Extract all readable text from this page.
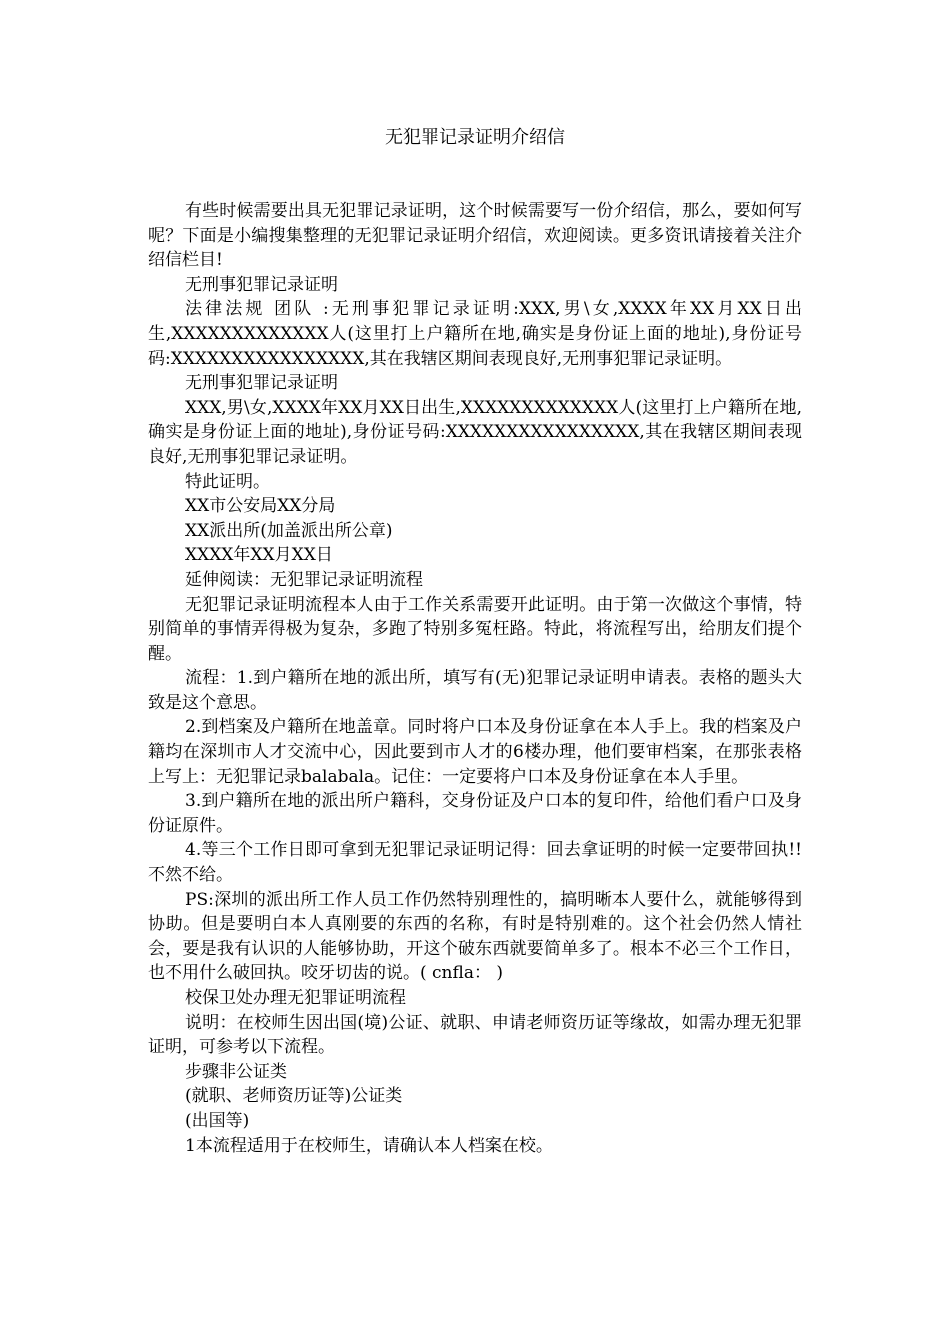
无犯罪记录证明介绍信

有些时候需要出具无犯罪记录证明，这个时候需要写一份介绍信，那么，要如何写呢？下面是小编搜集整理的无犯罪记录证明介绍信，欢迎阅读。更多资讯请接着关注介绍信栏目!

无刑事犯罪记录证明

法律法规 团队 :无刑事犯罪记录证明:XXX,男\女,XXXX年XX月XX日出生,XXXXXXXXXXXXX人(这里打上户籍所在地,确实是身份证上面的地址),身份证号码:XXXXXXXXXXXXXXXX,其在我辖区期间表现良好,无刑事犯罪记录证明。

无刑事犯罪记录证明

XXX,男\女,XXXX年XX月XX日出生,XXXXXXXXXXXXX人(这里打上户籍所在地,确实是身份证上面的地址),身份证号码:XXXXXXXXXXXXXXXX,其在我辖区期间表现良好,无刑事犯罪记录证明。

特此证明。

XX市公安局XX分局

XX派出所(加盖派出所公章)

XXXX年XX月XX日

延伸阅读：无犯罪记录证明流程

无犯罪记录证明流程本人由于工作关系需要开此证明。由于第一次做这个事情，特别简单的事情弄得极为复杂，多跑了特别多冤枉路。特此，将流程写出，给朋友们提个醒。

流程：1.到户籍所在地的派出所，填写有(无)犯罪记录证明申请表。表格的题头大致是这个意思。

2.到档案及户籍所在地盖章。同时将户口本及身份证拿在本人手上。我的档案及户籍均在深圳市人才交流中心，因此要到市人才的6楼办理，他们要审档案，在那张表格上写上：无犯罪记录balabala。记住：一定要将户口本及身份证拿在本人手里。

3.到户籍所在地的派出所户籍科，交身份证及户口本的复印件，给他们看户口及身份证原件。

4.等三个工作日即可拿到无犯罪记录证明记得：回去拿证明的时候一定要带回执!!不然不给。

PS:深圳的派出所工作人员工作仍然特别理性的，搞明晰本人要什么，就能够得到协助。但是要明白本人真刚要的东西的名称，有时是特别难的。这个社会仍然人情社会，要是我有认识的人能够协助，开这个破东西就要简单多了。根本不必三个工作日，也不用什么破回执。咬牙切齿的说。( cnfla： )

校保卫处办理无犯罪证明流程

说明：在校师生因出国(境)公证、就职、申请老师资历证等缘故，如需办理无犯罪证明，可参考以下流程。

步骤非公证类

(就职、老师资历证等)公证类

(出国等)

1本流程适用于在校师生，请确认本人档案在校。
